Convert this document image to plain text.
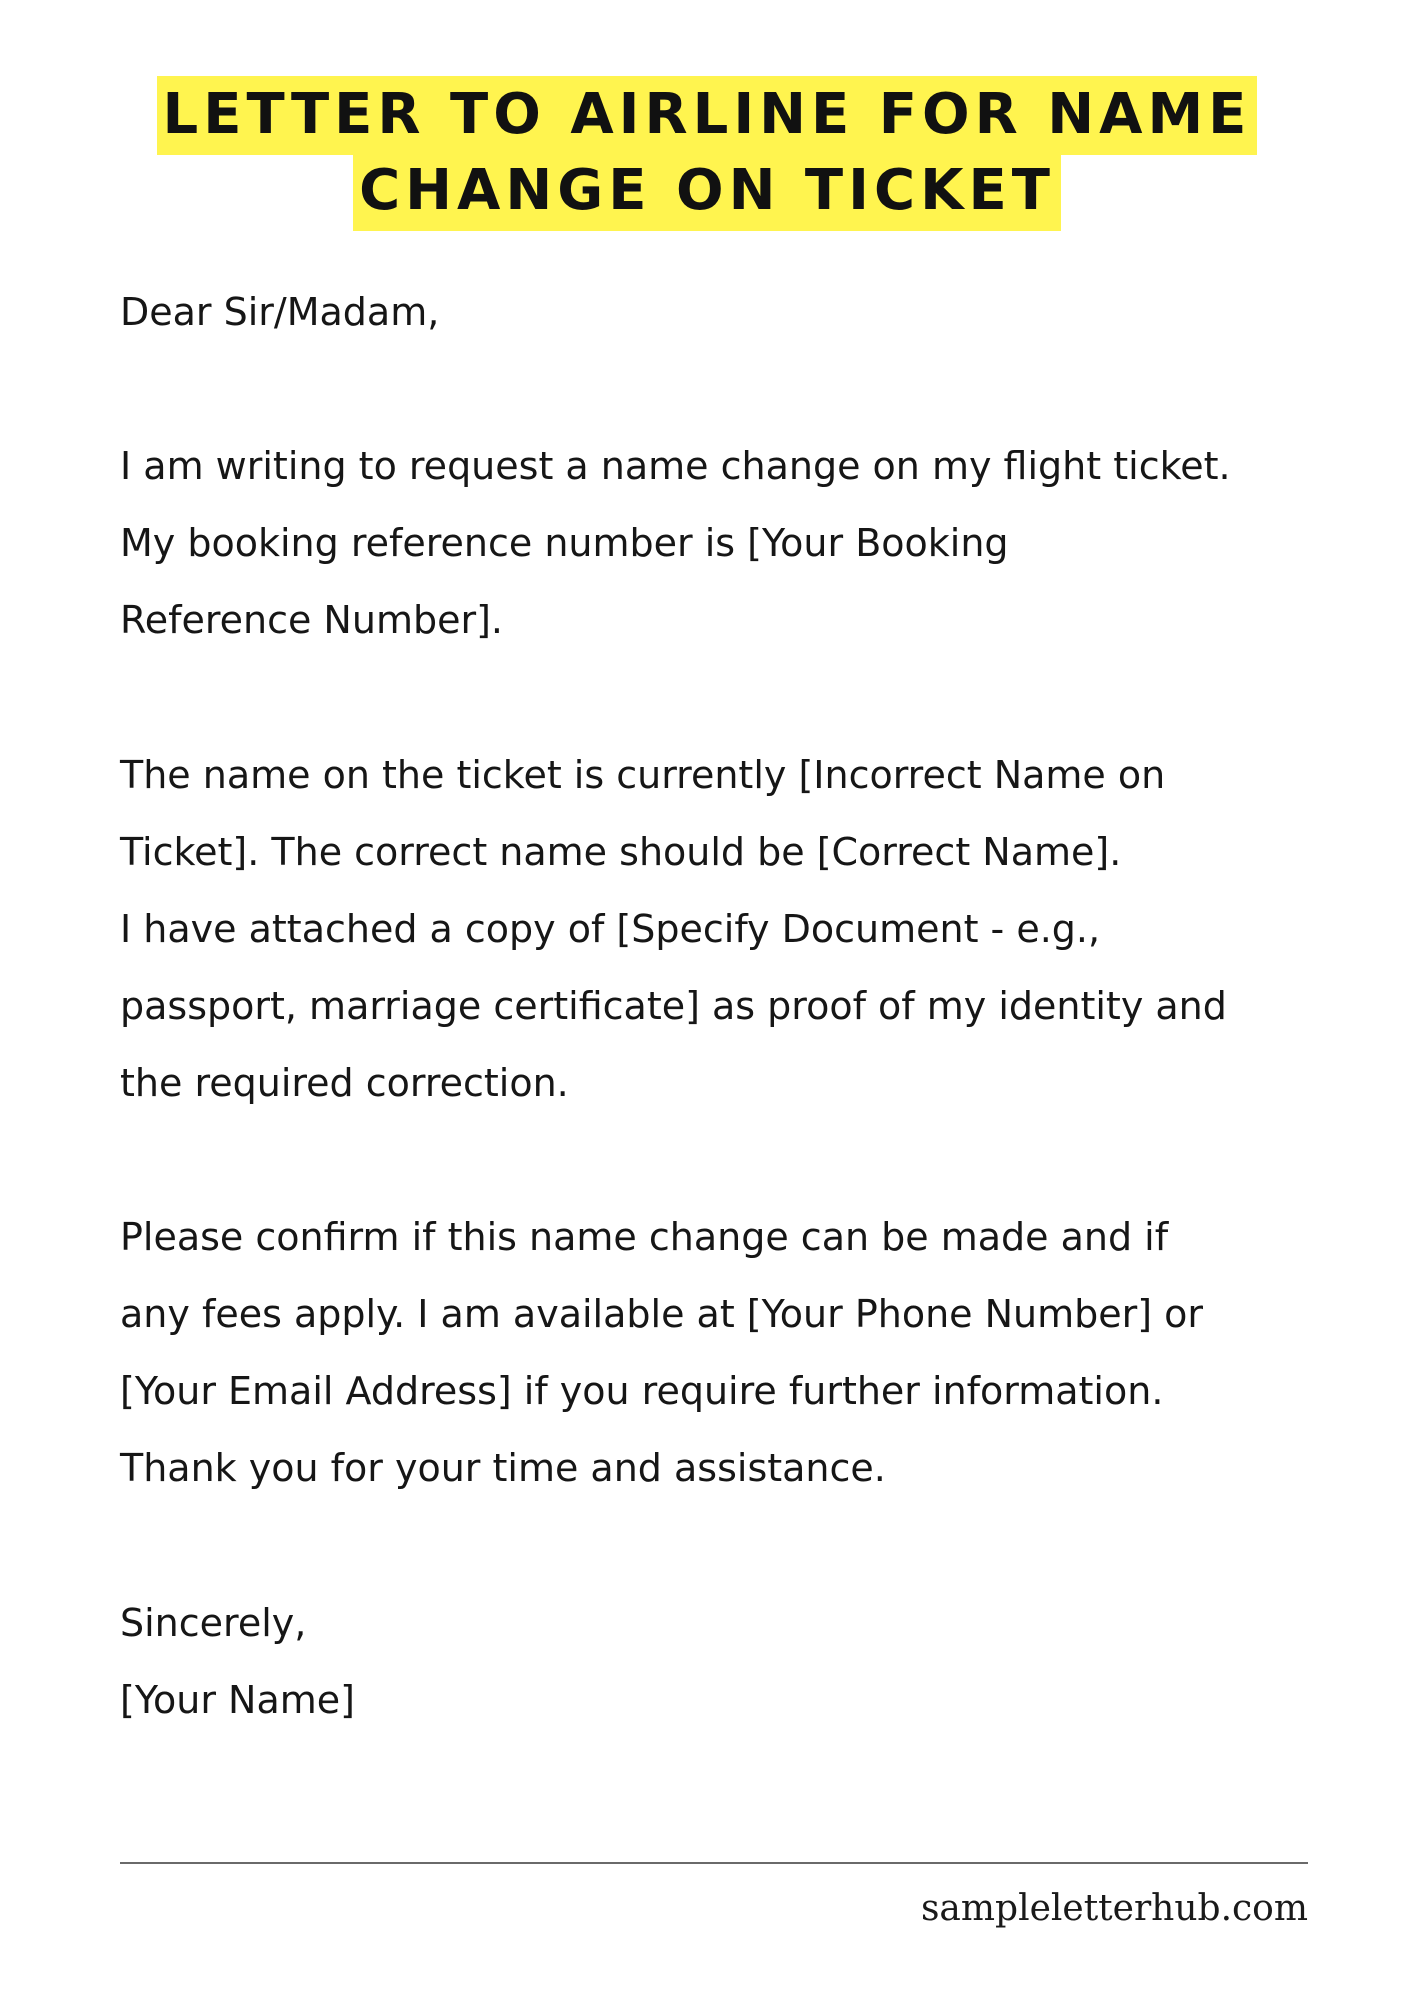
LETTER TO AIRLINE FOR NAME
CHANGE ON TICKET
Dear Sir/Madam,
I am writing to request a name change on my flight ticket.
My booking reference number is [Your Booking
Reference Number].
The name on the ticket is currently [Incorrect Name on
Ticket]. The correct name should be [Correct Name].
I have attached a copy of [Specify Document - e.g.,
passport, marriage certificate] as proof of my identity and
the required correction.
Please confirm if this name change can be made and if
any fees apply. I am available at [Your Phone Number] or
[Your Email Address] if you require further information.
Thank you for your time and assistance.
Sincerely,
[Your Name]
sampleletterhub.com
